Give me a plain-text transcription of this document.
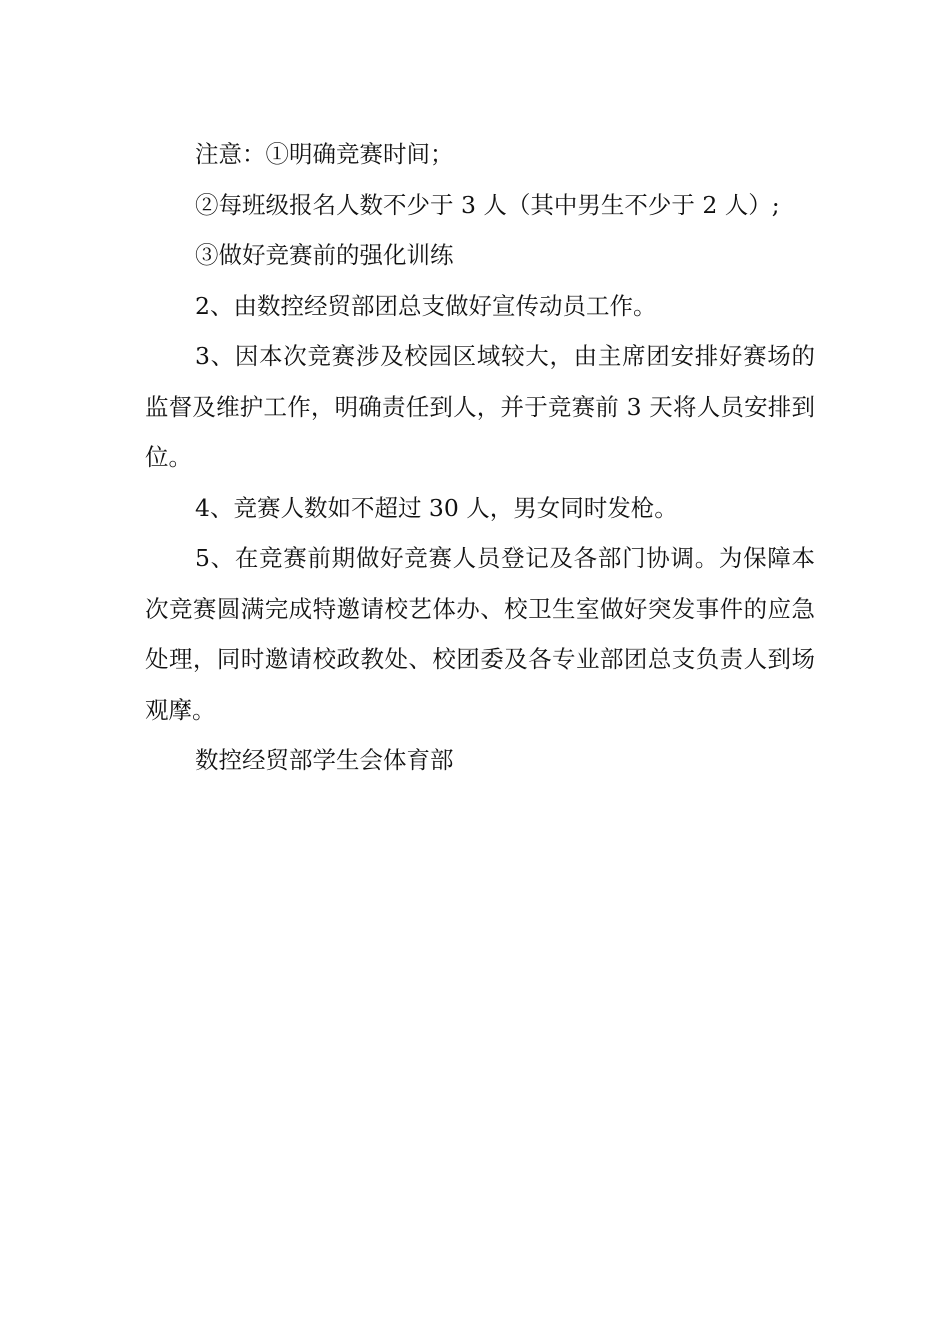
注意：①明确竞赛时间；

②每班级报名人数不少于 3 人（其中男生不少于 2 人）;

③做好竞赛前的强化训练

2、由数控经贸部团总支做好宣传动员工作。

3、因本次竞赛涉及校园区域较大，由主席团安排好赛场的监督及维护工作，明确责任到人，并于竞赛前 3 天将人员安排到位。

4、竞赛人数如不超过 30 人，男女同时发枪。

5、在竞赛前期做好竞赛人员登记及各部门协调。为保障本次竞赛圆满完成特邀请校艺体办、校卫生室做好突发事件的应急处理，同时邀请校政教处、校团委及各专业部团总支负责人到场观摩。

数控经贸部学生会体育部
